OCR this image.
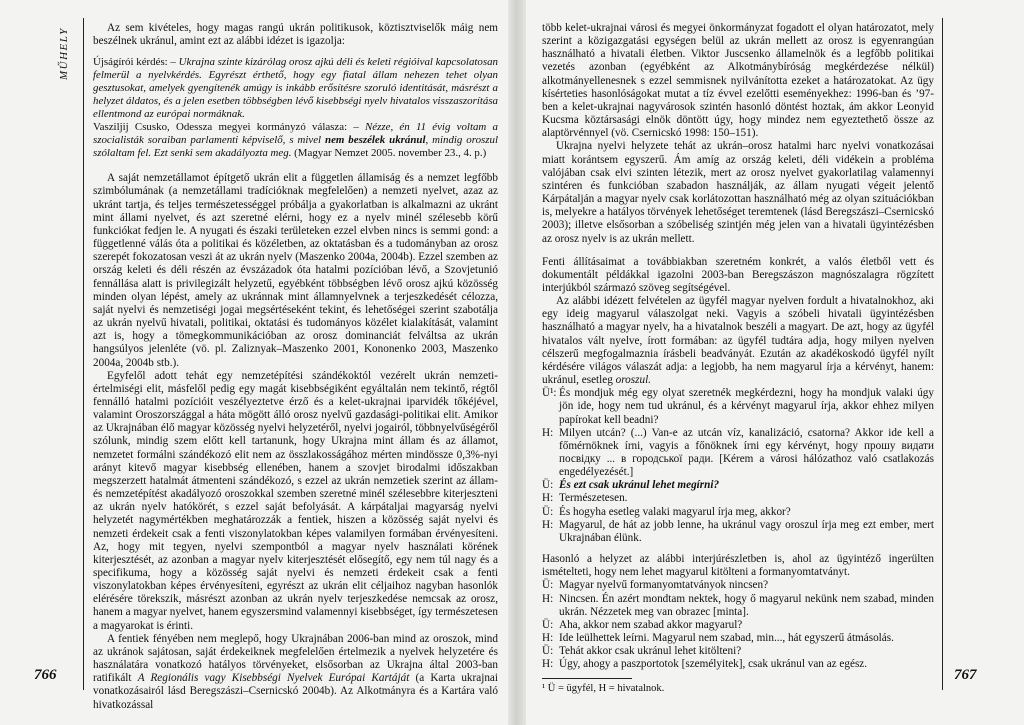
MŰHELY
766

Az sem kivételes, hogy magas rangú ukrán politikusok, köztisztviselők máig nem beszélnek ukránul, amint ezt az alábbi idézet is igazolja:

Újságírói kérdés: – Ukrajna szinte kizárólag orosz ajkú déli és keleti régióival kapcsolatosan felmerül a nyelvkérdés. Egyrészt érthető, hogy egy fiatal állam nehezen tehet olyan gesztusokat, amelyek gyengítenék amúgy is inkább erősítésre szoruló identitását, másrészt a helyzet áldatos, és a jelen esetben többségben lévő kisebbségi nyelv hivatalos visszaszorítása ellentmond az európai normáknak.

Vasziljij Csusko, Odessza megyei kormányzó válasza: – Nézze, én 11 évig voltam a szocialisták soraiban parlamenti képviselő, s mivel nem beszélek ukránul, mindig oroszul szólaltam fel. Ezt senki sem akadályozta meg. (Magyar Nemzet 2005. november 23., 4. p.)

A saját nemzetállamot építgető ukrán elit a független államiság és a nemzet legfőbb szimbólumának (a nemzetállami tradícióknak megfelelően) a nemzeti nyelvet, azaz az ukránt tartja, és teljes természetességgel próbálja a gyakorlatban is alkalmazni az ukránt mint állami nyelvet, és azt szeretné elérni, hogy ez a nyelv minél szélesebb körű funkciókat fedjen le. A nyugati és északi területeken ezzel elvben nincs is semmi gond: a függetlenné válás óta a politikai és közéletben, az oktatásban és a tudományban az orosz szerepét fokozatosan veszi át az ukrán nyelv (Maszenko 2004a, 2004b). Ezzel szemben az ország keleti és déli részén az évszázadok óta hatalmi pozícióban lévő, a Szovjetunió fennállása alatt is privilegizált helyzetű, egyébként többségben lévő orosz ajkú közösség minden olyan lépést, amely az ukránnak mint államnyelvnek a terjeszkedését célozza, saját nyelvi és nemzetiségi jogai megsértéseként tekint, és lehetőségei szerint szabotálja az ukrán nyelvű hivatali, politikai, oktatási és tudományos közélet kialakítását, valamint azt is, hogy a tömegkommunikációban az orosz dominanciát felváltsa az ukrán hangsúlyos jelenléte (vö. pl. Zaliznyak–Maszenko 2001, Kononenko 2003, Maszenko 2004a, 2004b stb.).

Egyfelől adott tehát egy nemzetépítési szándékoktól vezérelt ukrán nemzeti-értelmiségi elit, másfelől pedig egy magát kisebbségiként egyáltalán nem tekintő, régtől fennálló hatalmi pozícióit veszélyeztetve érző és a kelet-ukrajnai iparvidék tőkéjével, valamint Oroszországgal a háta mögött álló orosz nyelvű gazdasági-politikai elit. Amikor az Ukrajnában élő magyar közösség nyelvi helyzetéről, nyelvi jogairól, többnyelvűségéről szólunk, mindig szem előtt kell tartanunk, hogy Ukrajna mint állam és az államot, nemzetet formálni szándékozó elit nem az összlakosságához mérten mindössze 0,3%-nyi arányt kitevő magyar kisebbség ellenében, hanem a szovjet birodalmi időszakban megszerzett hatalmát átmenteni szándékozó, s ezzel az ukrán nemzetiek szerint az állam- és nemzetépítést akadályozó oroszokkal szemben szeretné minél szélesebbre kiterjeszteni az ukrán nyelv hatókörét, s ezzel saját befolyását. A kárpátaljai magyarság nyelvi helyzetét nagymértékben meghatározzák a fentiek, hiszen a közösség saját nyelvi és nemzeti érdekeit csak a fenti viszonylatokban képes valamilyen formában érvényesíteni. Az, hogy mit tegyen, nyelvi szempontból a magyar nyelv használati körének kiterjesztését, az azonban a magyar nyelv kiterjesztését elősegítő, egy nem túl nagy és a specifikuma, hogy a közösség saját nyelvi és nemzeti érdekeit csak a fenti viszonylatokban képes érvényesíteni, egyrészt az ukrán elit céljaihoz nagyban hasonlók elérésére törekszik, másrészt azonban az ukrán nyelv terjeszkedése nemcsak az orosz, hanem a magyar nyelvet, hanem egyszersmind valamennyi kisebbséget, így természetesen a magyarokat is érinti.

A fentiek fényében nem meglepő, hogy Ukrajnában 2006-ban mind az oroszok, mind az ukránok sajátosan, saját érdekeiknek megfelelően értelmezik a nyelvek helyzetére és használatára vonatkozó hatályos törvényeket, elsősorban az Ukrajna által 2003-ban ratifikált A Regionális vagy Kisebbségi Nyelvek Európai Kartáját (a Karta ukrajnai vonatkozásairól lásd Beregszászi–Csernicskó 2004b). Az Alkotmányra és a Kartára való hivatkozással

767

több kelet-ukrajnai városi és megyei önkormányzat fogadott el olyan határozatot, mely szerint a közigazgatási egységen belül az ukrán mellett az orosz is egyenrangúan használható a hivatali életben. Viktor Juscsenko államelnök és a legfőbb politikai vezetés azonban (egyébként az Alkotmánybíróság megkérdezése nélkül) alkotmányellenesnek s ezzel semmisnek nyilvánította ezeket a határozatokat. Az ügy kísérteties hasonlóságokat mutat a tíz évvel ezelőtti eseményekhez: 1996-ban és ’97-ben a kelet-ukrajnai nagyvárosok szintén hasonló döntést hoztak, ám akkor Leonyid Kucsma köztársasági elnök döntött úgy, hogy mindez nem egyeztethető össze az alaptörvénnyel (vö. Csernicskó 1998: 150–151).

Ukrajna nyelvi helyzete tehát az ukrán–orosz hatalmi harc nyelvi vonatkozásai miatt korántsem egyszerű. Ám amíg az ország keleti, déli vidékein a probléma valójában csak elvi szinten létezik, mert az orosz nyelvet gyakorlatilag valamennyi szintéren és funkcióban szabadon használják, az állam nyugati végeit jelentő Kárpátalján a magyar nyelv csak korlátozottan használható még az olyan szituációkban is, melyekre a hatályos törvények lehetőséget teremtenek (lásd Beregszászi–Csernicskó 2003); illetve elsősorban a szóbeliség szintjén még jelen van a hivatali ügyintézésben az orosz nyelv is az ukrán mellett.

Fenti állításaimat a továbbiakban szeretném konkrét, a valós életből vett és dokumentált példákkal igazolni 2003-ban Beregszászon magnószalagra rögzített interjúkból származó szöveg segítségével.

Az alábbi idézett felvételen az ügyfél magyar nyelven fordult a hivatalnokhoz, aki egy ideig magyarul válaszolgat neki. Vagyis a szóbeli hivatali ügyintézésben használható a magyar nyelv, ha a hivatalnok beszéli a magyart. De azt, hogy az ügyfél hivatalos vált nyelve, írott formában: az ügyfél tudtára adja, hogy milyen nyelven célszerű megfogalmaznia írásbeli beadványát. Ezután az akadékoskodó ügyfél nyílt kérdésére világos válaszát adja: a legjobb, ha nem magyarul írja a kérvényt, hanem: ukránul, esetleg oroszul.

Ü¹: És mondjuk még egy olyat szeretnék megkérdezni, hogy ha mondjuk valaki úgy jön ide, hogy nem tud ukránul, és a kérvényt magyarul írja, akkor ehhez milyen papírokat kell beadni?
H: Milyen utcán? (...) Van-e az utcán víz, kanalizáció, csatorna? Akkor ide kell a főmérnöknek írni, vagyis a főnöknek írni egy kérvényt, hogy прошу видати посвiдку ... в городської ради. [Kérem a városi hálózathoz való csatlakozás engedélyezését.]
Ü: És ezt csak ukránul lehet megírni?
H: Természetesen.
Ü: És hogyha esetleg valaki magyarul írja meg, akkor?
H: Magyarul, de hát az jobb lenne, ha ukránul vagy oroszul írja meg ezt ember, mert Ukrajnában élünk.

Hasonló a helyzet az alábbi interjúrészletben is, ahol az ügyintéző ingerülten ismételteti, hogy nem lehet magyarul kitölteni a formanyomtatványt.

Ü: Magyar nyelvű formanyomtatványok nincsen?
H: Nincsen. Én azért mondtam nektek, hogy ő magyarul nekünk nem szabad, minden ukrán. Nézzetek meg van obrazec [minta].
Ü: Aha, akkor nem szabad akkor magyarul?
H: Ide leülhettek leírni. Magyarul nem szabad, min..., hát egyszerű átmásolás.
Ü: Tehát akkor csak ukránul lehet kitölteni?
H: Úgy, ahogy a paszportotok [személyitek], csak ukránul van az egész.

¹ Ü = ügyfél, H = hivatalnok.
